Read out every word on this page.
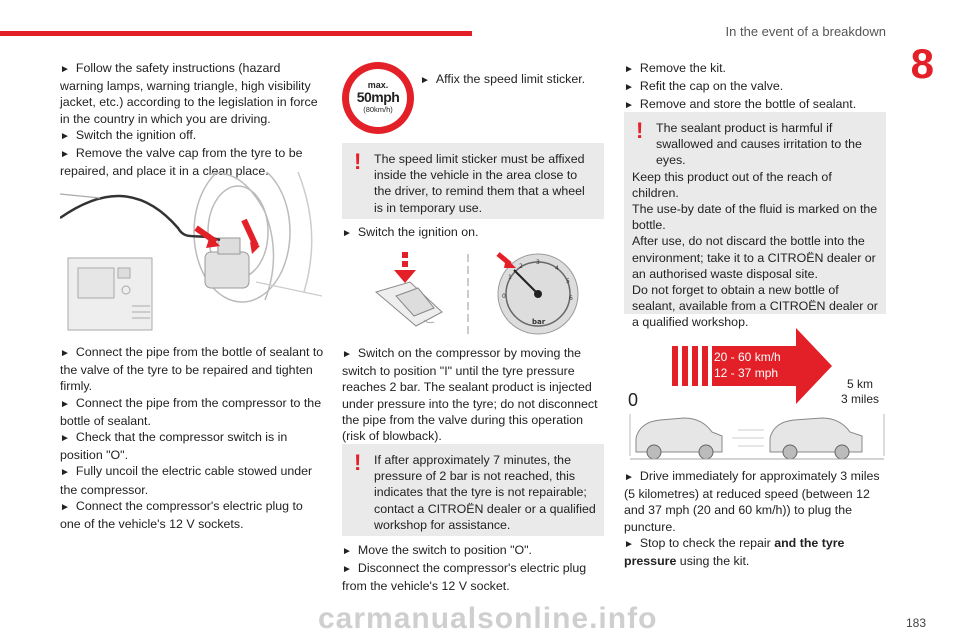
In the event of a breakdown
8

► Follow the safety instructions (hazard warning lamps, warning triangle, high visibility jacket, etc.) according to the legislation in force in the country in which you are driving.

► Switch the ignition off.

► Remove the valve cap from the tyre to be repaired, and place it in a clean place.

► Connect the pipe from the bottle of sealant to the valve of the tyre to be repaired and tighten firmly.

► Connect the pipe from the compressor to the bottle of sealant.

► Check that the compressor switch is in position "O".

► Fully uncoil the electric cable stowed under the compressor.

► Connect the compressor's electric plug to one of the vehicle's 12 V sockets.

max.
50mph
(80km/h)

► Affix the speed limit sticker.

!	The speed limit sticker must be affixed inside the vehicle in the area close to the driver, to remind them that a wheel is in temporary use.

► Switch the ignition on.

0
1
2
3
4
5
6
bar

► Switch on the compressor by moving the switch to position "I" until the tyre pressure reaches 2 bar. The sealant product is injected under pressure into the tyre; do not disconnect the pipe from the valve during this operation (risk of blowback).

!	If after approximately 7 minutes, the pressure of 2 bar is not reached, this indicates that the tyre is not repairable; contact a CITROËN dealer or a qualified workshop for assistance.

► Move the switch to position "O".

► Disconnect the compressor's electric plug from the vehicle's 12 V socket.

► Remove the kit.

► Refit the cap on the valve.

► Remove and store the bottle of sealant.

!	The sealant product is harmful if swallowed and causes irritation to the eyes.
Keep this product out of the reach of children.
The use-by date of the fluid is marked on the bottle.
After use, do not discard the bottle into the environment; take it to a CITROËN dealer or an authorised waste disposal site.
Do not forget to obtain a new bottle of sealant, available from a CITROËN dealer or a qualified workshop.
20 - 60 km/h
12 - 37 mph
0
5 km
3 miles

► Drive immediately for approximately 3 miles (5 kilometres) at reduced speed (between 12 and 37 mph (20 and 60 km/h)) to plug the puncture.

► Stop to check the repair and the tyre pressure using the kit.

carmanualsonline.info	183
